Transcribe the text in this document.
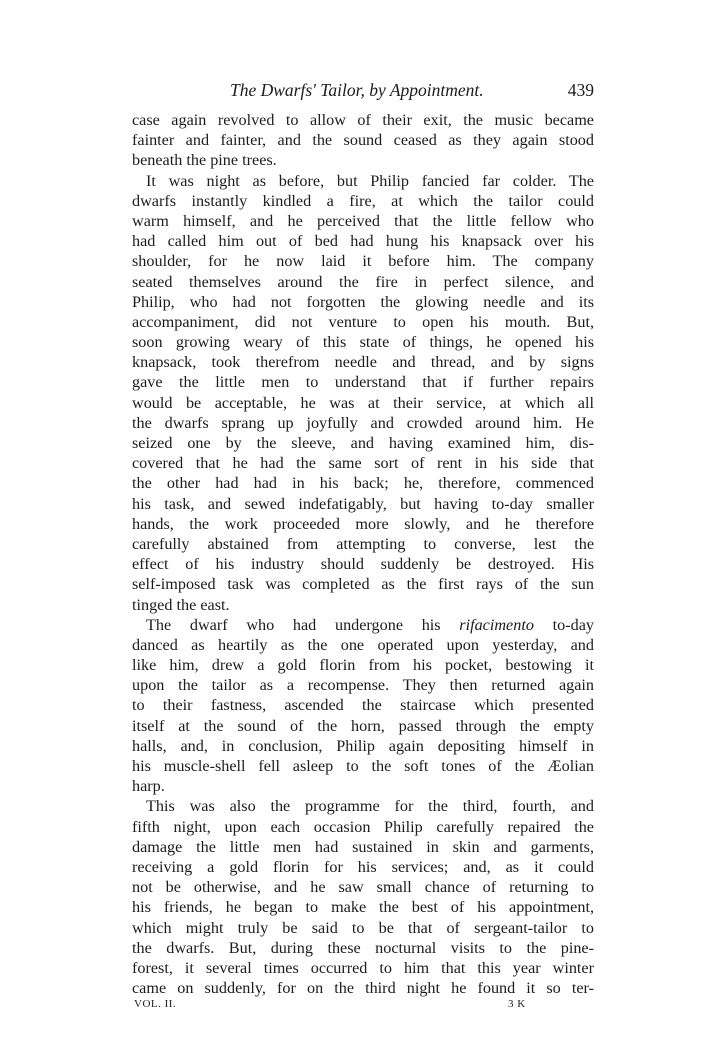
The Dwarfs' Tailor, by Appointment.	439
case again revolved to allow of their exit, the music became
fainter and fainter, and the sound ceased as they again stood
beneath the pine trees.
It was night as before, but Philip fancied far colder. The
dwarfs instantly kindled a fire, at which the tailor could
warm himself, and he perceived that the little fellow who
had called him out of bed had hung his knapsack over his
shoulder, for he now laid it before him. The company
seated themselves around the fire in perfect silence, and
Philip, who had not forgotten the glowing needle and its
accompaniment, did not venture to open his mouth. But,
soon growing weary of this state of things, he opened his
knapsack, took therefrom needle and thread, and by signs
gave the little men to understand that if further repairs
would be acceptable, he was at their service, at which all
the dwarfs sprang up joyfully and crowded around him. He
seized one by the sleeve, and having examined him, dis-
covered that he had the same sort of rent in his side that
the other had had in his back; he, therefore, commenced
his task, and sewed indefatigably, but having to-day smaller
hands, the work proceeded more slowly, and he therefore
carefully abstained from attempting to converse, lest the
effect of his industry should suddenly be destroyed. His
self-imposed task was completed as the first rays of the sun
tinged the east.
The dwarf who had undergone his rifacimento to-day
danced as heartily as the one operated upon yesterday, and
like him, drew a gold florin from his pocket, bestowing it
upon the tailor as a recompense. They then returned again
to their fastness, ascended the staircase which presented
itself at the sound of the horn, passed through the empty
halls, and, in conclusion, Philip again depositing himself in
his muscle-shell fell asleep to the soft tones of the Æolian
harp.
This was also the programme for the third, fourth, and
fifth night, upon each occasion Philip carefully repaired the
damage the little men had sustained in skin and garments,
receiving a gold florin for his services; and, as it could
not be otherwise, and he saw small chance of returning to
his friends, he began to make the best of his appointment,
which might truly be said to be that of sergeant-tailor to
the dwarfs. But, during these nocturnal visits to the pine-
forest, it several times occurred to him that this year winter
came on suddenly, for on the third night he found it so ter-
VOL. II.	3 K
